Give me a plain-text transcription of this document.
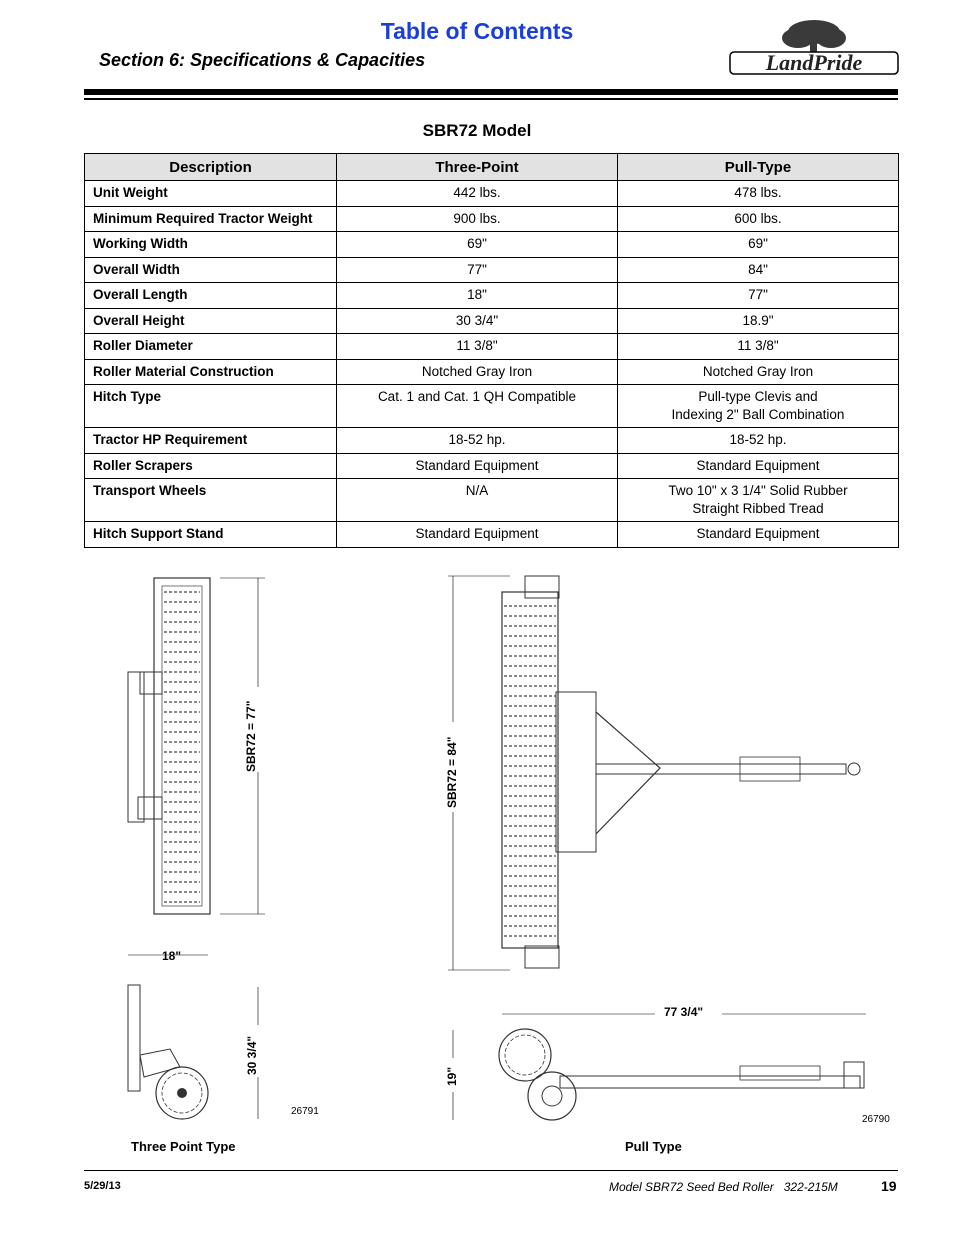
Table of Contents
Section 6: Specifications & Capacities	LandPride
SBR72 Model
Description	Three-Point	Pull-Type
Unit Weight	442 lbs.	478 lbs.
Minimum Required Tractor Weight	900 lbs.	600 lbs.
Working Width	69"	69"
Overall Width	77"	84"
Overall Length	18"	77"
Overall Height	30 3/4"	18.9"
Roller Diameter	11 3/8"	11 3/8"
Roller Material Construction	Notched Gray Iron	Notched Gray Iron
Hitch Type	Cat. 1 and Cat. 1 QH Compatible	Pull-type Clevis and
Indexing 2" Ball Combination
Tractor HP Requirement	18-52 hp.	18-52 hp.
Roller Scrapers	Standard Equipment	Standard Equipment
Transport Wheels	N/A	Two 10" x 3 1/4" Solid Rubber
Straight Ribbed Tread
Hitch Support Stand	Standard Equipment	Standard Equipment
SBR72 = 77"
18"
30 3/4"
26791
Three Point Type
SBR72 = 84"
77 3/4"
19"
26790
Pull Type
5/29/13	Model SBR72 Seed Bed Roller   322-215M	19
